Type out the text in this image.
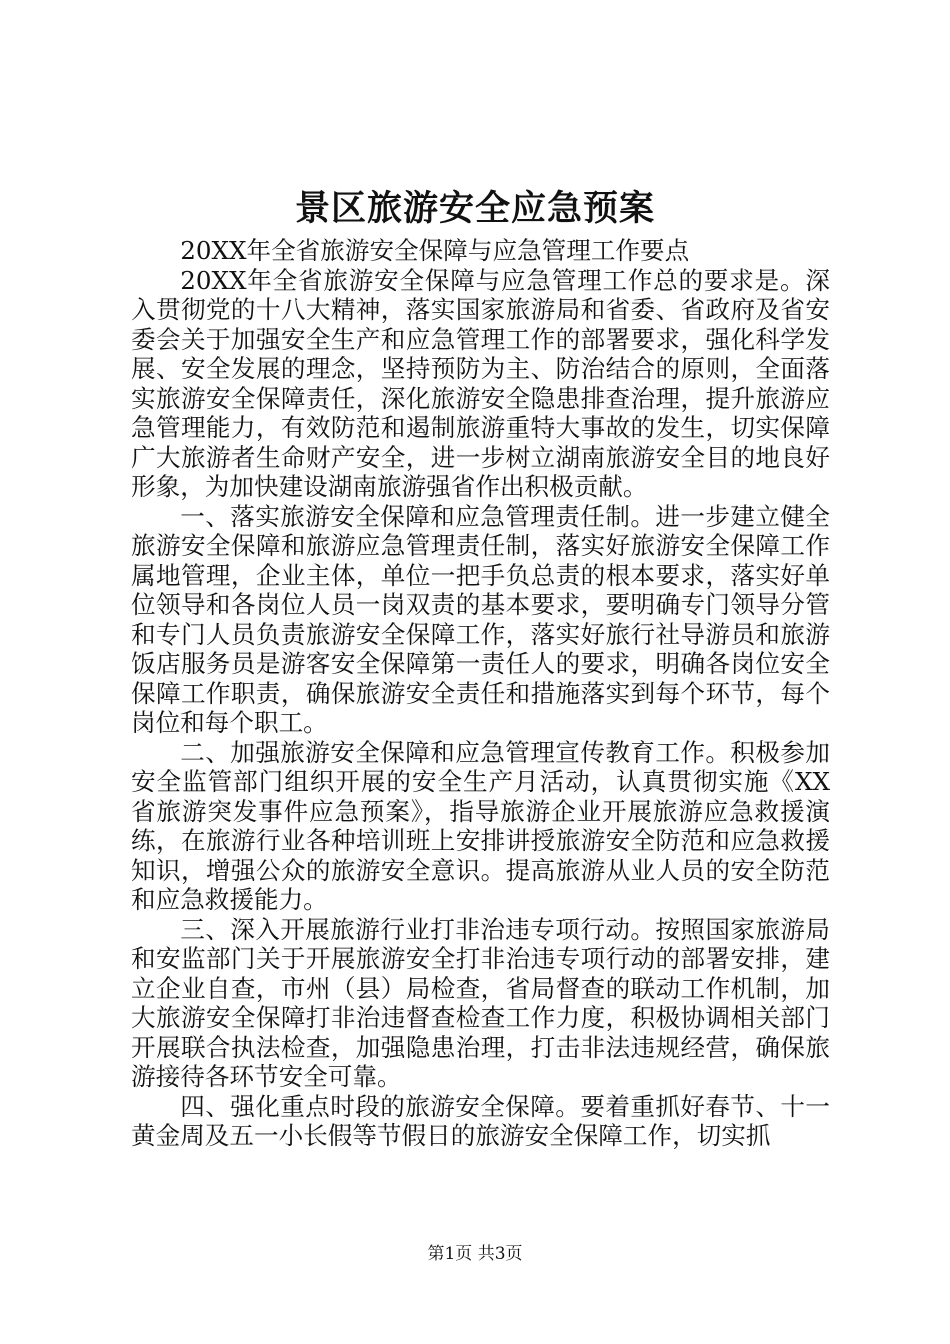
景区旅游安全应急预案

20XX年全省旅游安全保障与应急管理工作要点

20XX年全省旅游安全保障与应急管理工作总的要求是。深入贯彻党的十八大精神，落实国家旅游局和省委、省政府及省安委会关于加强安全生产和应急管理工作的部署要求，强化科学发展、安全发展的理念，坚持预防为主、防治结合的原则，全面落实旅游安全保障责任，深化旅游安全隐患排查治理，提升旅游应急管理能力，有效防范和遏制旅游重特大事故的发生，切实保障广大旅游者生命财产安全，进一步树立湖南旅游安全目的地良好形象，为加快建设湖南旅游强省作出积极贡献。

一、落实旅游安全保障和应急管理责任制。进一步建立健全旅游安全保障和旅游应急管理责任制，落实好旅游安全保障工作属地管理，企业主体，单位一把手负总责的根本要求，落实好单位领导和各岗位人员一岗双责的基本要求，要明确专门领导分管和专门人员负责旅游安全保障工作，落实好旅行社导游员和旅游饭店服务员是游客安全保障第一责任人的要求，明确各岗位安全保障工作职责，确保旅游安全责任和措施落实到每个环节，每个岗位和每个职工。

二、加强旅游安全保障和应急管理宣传教育工作。积极参加安全监管部门组织开展的安全生产月活动，认真贯彻实施《XX省旅游突发事件应急预案》，指导旅游企业开展旅游应急救援演练，在旅游行业各种培训班上安排讲授旅游安全防范和应急救援知识，增强公众的旅游安全意识。提高旅游从业人员的安全防范和应急救援能力。

三、深入开展旅游行业打非治违专项行动。按照国家旅游局和安监部门关于开展旅游安全打非治违专项行动的部署安排，建立企业自查，市州（县）局检查，省局督查的联动工作机制，加大旅游安全保障打非治违督查检查工作力度，积极协调相关部门开展联合执法检查，加强隐患治理，打击非法违规经营，确保旅游接待各环节安全可靠。

四、强化重点时段的旅游安全保障。要着重抓好春节、十一黄金周及五一小长假等节假日的旅游安全保障工作，切实抓

第1页 共3页
